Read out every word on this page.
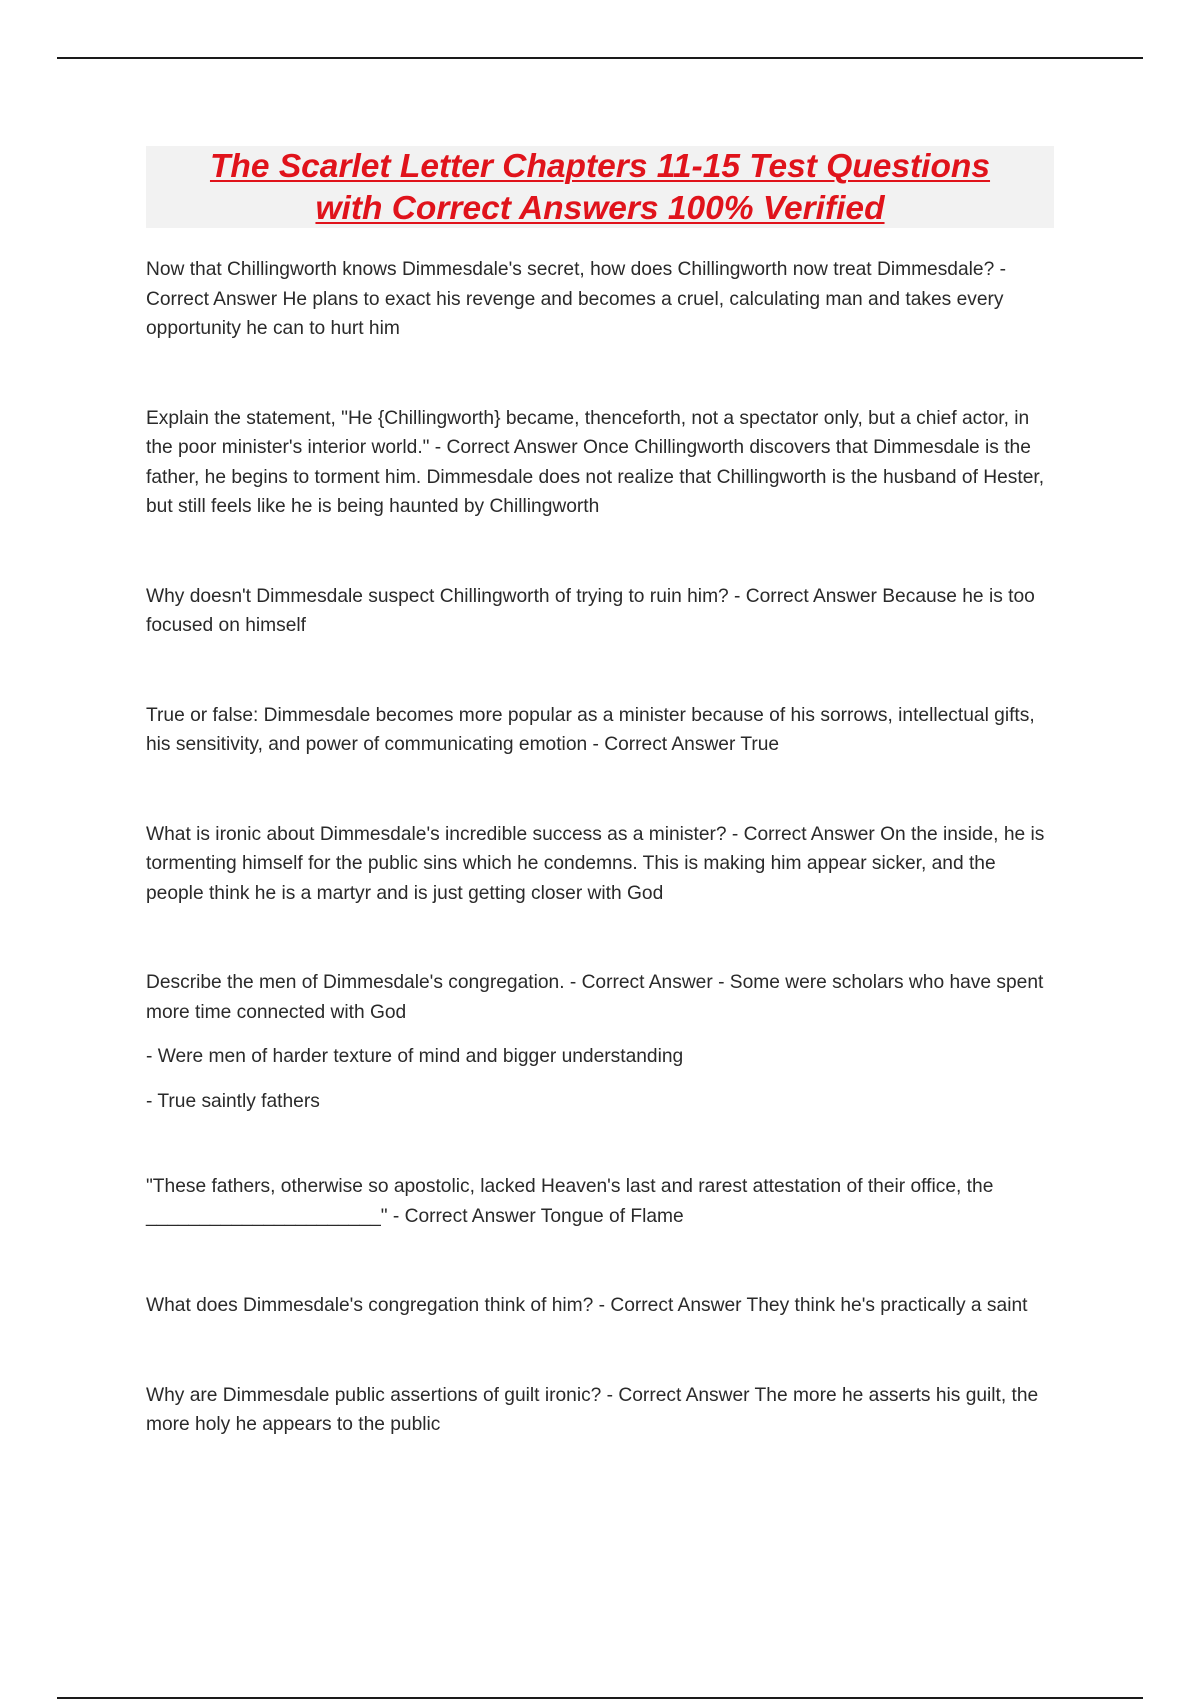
The Scarlet Letter Chapters 11-15 Test Questions
with Correct Answers 100% Verified

Now that Chillingworth knows Dimmesdale's secret, how does Chillingworth now treat Dimmesdale? - Correct Answer He plans to exact his revenge and becomes a cruel, calculating man and takes every opportunity he can to hurt him

Explain the statement, "He {Chillingworth} became, thenceforth, not a spectator only, but a chief actor, in the poor minister's interior world." - Correct Answer Once Chillingworth discovers that Dimmesdale is the father, he begins to torment him. Dimmesdale does not realize that Chillingworth is the husband of Hester, but still feels like he is being haunted by Chillingworth

Why doesn't Dimmesdale suspect Chillingworth of trying to ruin him? - Correct Answer Because he is too focused on himself

True or false: Dimmesdale becomes more popular as a minister because of his sorrows, intellectual gifts, his sensitivity, and power of communicating emotion - Correct Answer True

What is ironic about Dimmesdale's incredible success as a minister? - Correct Answer On the inside, he is tormenting himself for the public sins which he condemns. This is making him appear sicker, and the people think he is a martyr and is just getting closer with God

Describe the men of Dimmesdale's congregation. - Correct Answer - Some were scholars who have spent more time connected with God

- Were men of harder texture of mind and bigger understanding

- True saintly fathers

"These fathers, otherwise so apostolic, lacked Heaven's last and rarest attestation of their office, the ______________________" - Correct Answer Tongue of Flame

What does Dimmesdale's congregation think of him? - Correct Answer They think he's practically a saint

Why are Dimmesdale public assertions of guilt ironic? - Correct Answer The more he asserts his guilt, the more holy he appears to the public
